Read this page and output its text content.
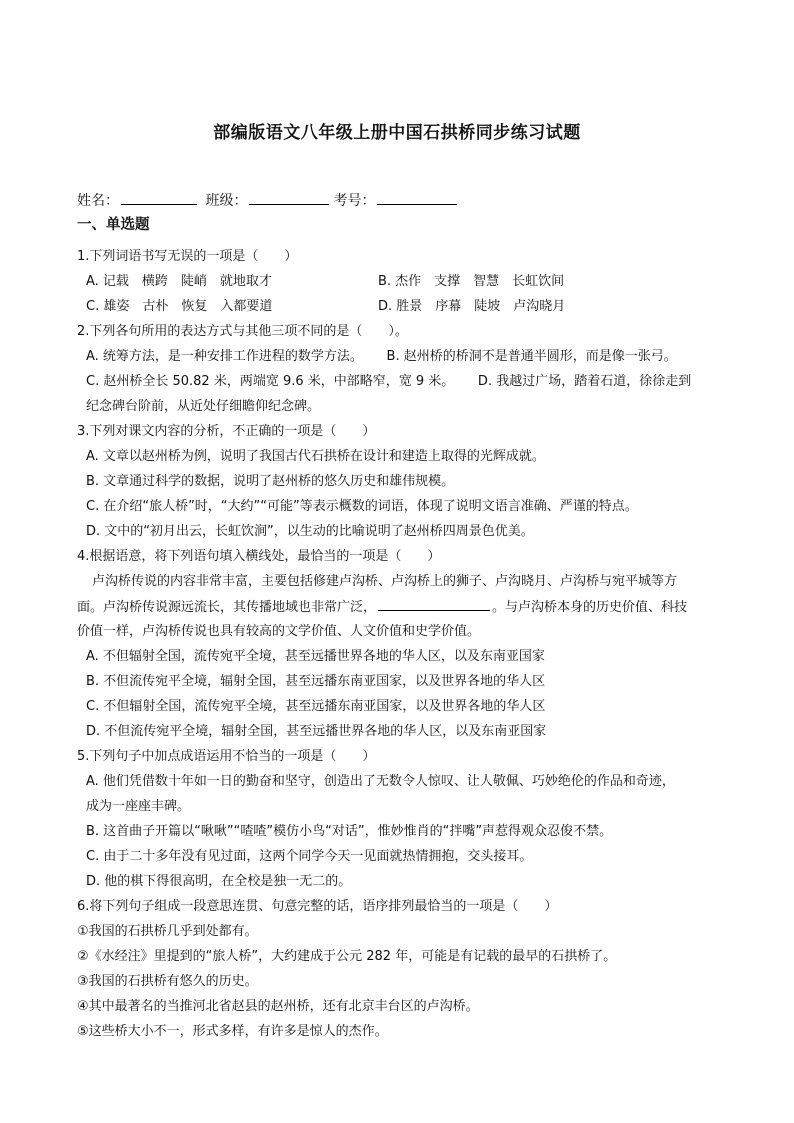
部编版语文八年级上册中国石拱桥同步练习试题
姓名：	班级：	考号：
一、单选题
1.下列词语书写无误的一项是（　　）
A. 记载　横跨　陡峭　就地取才	B. 杰作　支撑　智慧　长虹饮间
C. 雄姿　古朴　恢复　入都要道	D. 胜景　序幕　陡坡　卢沟晓月
2.下列各句所用的表达方式与其他三项不同的是（　　）。
A. 统筹方法，是一种安排工作进程的数学方法。　　 B. 赵州桥的桥洞不是普通半圆形，而是像一张弓。
C. 赵州桥全长 50.82 米，两端宽 9.6 米，中部略窄，宽 9 米。　　 D. 我越过广场，踏着石道，徐徐走到
纪念碑台阶前，从近处仔细瞻仰纪念碑。
3.下列对课文内容的分析，不正确的一项是（　　）
A. 文章以赵州桥为例，说明了我国古代石拱桥在设计和建造上取得的光辉成就。
B. 文章通过科学的数据，说明了赵州桥的悠久历史和雄伟规模。
C. 在介绍“旅人桥”时，“大约”“可能”等表示概数的词语，体现了说明文语言准确、严谨的特点。
D. 文中的“初月出云，长虹饮涧”，以生动的比喻说明了赵州桥四周景色优美。
4.根据语意，将下列语句填入横线处，最恰当的一项是（　　）
卢沟桥传说的内容非常丰富，主要包括修建卢沟桥、卢沟桥上的狮子、卢沟晓月、卢沟桥与宛平城等方
面。卢沟桥传说源远流长，其传播地域也非常广泛，	。与卢沟桥本身的历史价值、科技
价值一样，卢沟桥传说也具有较高的文学价值、人文价值和史学价值。
A. 不但辐射全国，流传宛平全境，甚至远播世界各地的华人区，以及东南亚国家
B. 不但流传宛平全境，辐射全国，甚至远播东南亚国家，以及世界各地的华人区
C. 不但辐射全国，流传宛平全境，甚至远播东南亚国家，以及世界各地的华人区
D. 不但流传宛平全境，辐射全国，甚至远播世界各地的华人区，以及东南亚国家
5.下列句子中加点成语运用不恰当的一项是（　　）
A. 他们凭借数十年如一日的勤奋和坚守，创造出了无数令人惊叹、让人敬佩、巧妙绝伦的作品和奇迹，
成为一座座丰碑。
B. 这首曲子开篇以“啾啾”“喳喳”模仿小鸟“对话”，惟妙惟肖的“拌嘴”声惹得观众忍俊不禁。
C. 由于二十多年没有见过面，这两个同学今天一见面就热情拥抱，交头接耳。
D. 他的棋下得很高明，在全校是独一无二的。
6.将下列句子组成一段意思连贯、句意完整的话，语序排列最恰当的一项是（　　）
①我国的石拱桥几乎到处都有。
②《水经注》里提到的“旅人桥”，大约建成于公元 282 年，可能是有记载的最早的石拱桥了。
③我国的石拱桥有悠久的历史。
④其中最著名的当推河北省赵县的赵州桥，还有北京丰台区的卢沟桥。
⑤这些桥大小不一，形式多样，有许多是惊人的杰作。
